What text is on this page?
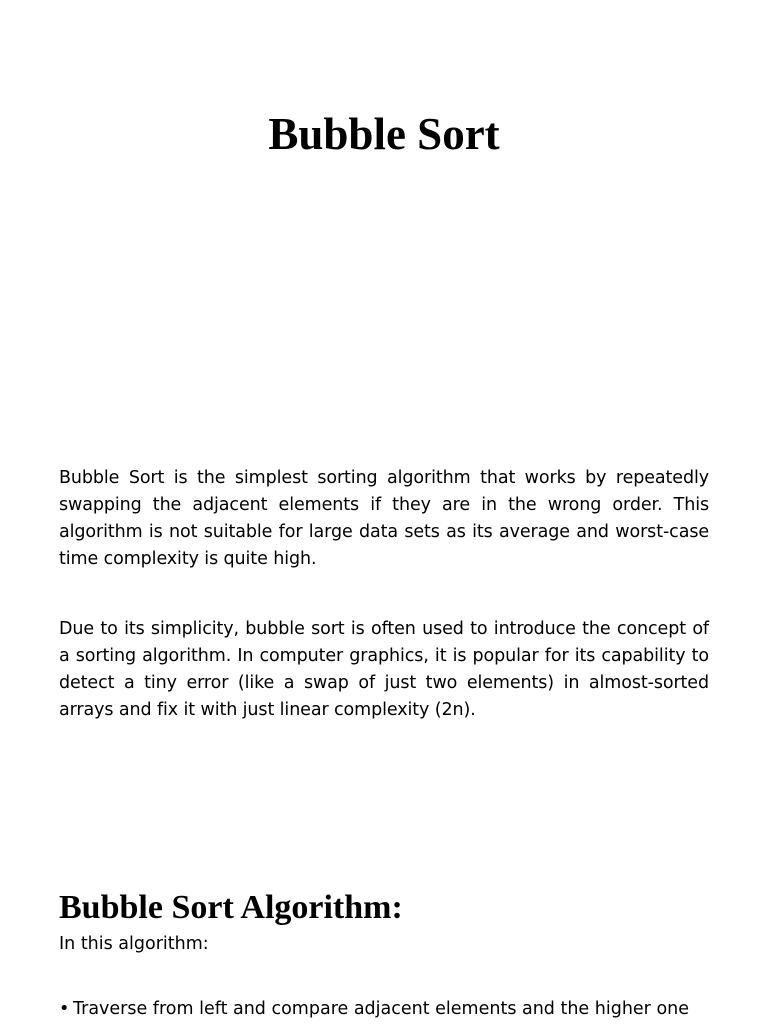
Bubble Sort

Bubble Sort is the simplest sorting algorithm that works by repeatedly swapping the adjacent elements if they are in the wrong order. This algorithm is not suitable for large data sets as its average and worst-case time complexity is quite high.

Due to its simplicity, bubble sort is often used to introduce the concept of a sorting algorithm. In computer graphics, it is popular for its capability to detect a tiny error (like a swap of just two elements) in almost-sorted arrays and fix it with just linear complexity (2n).

Bubble Sort Algorithm:

In this algorithm:

• Traverse from left and compare adjacent elements and the higher one
